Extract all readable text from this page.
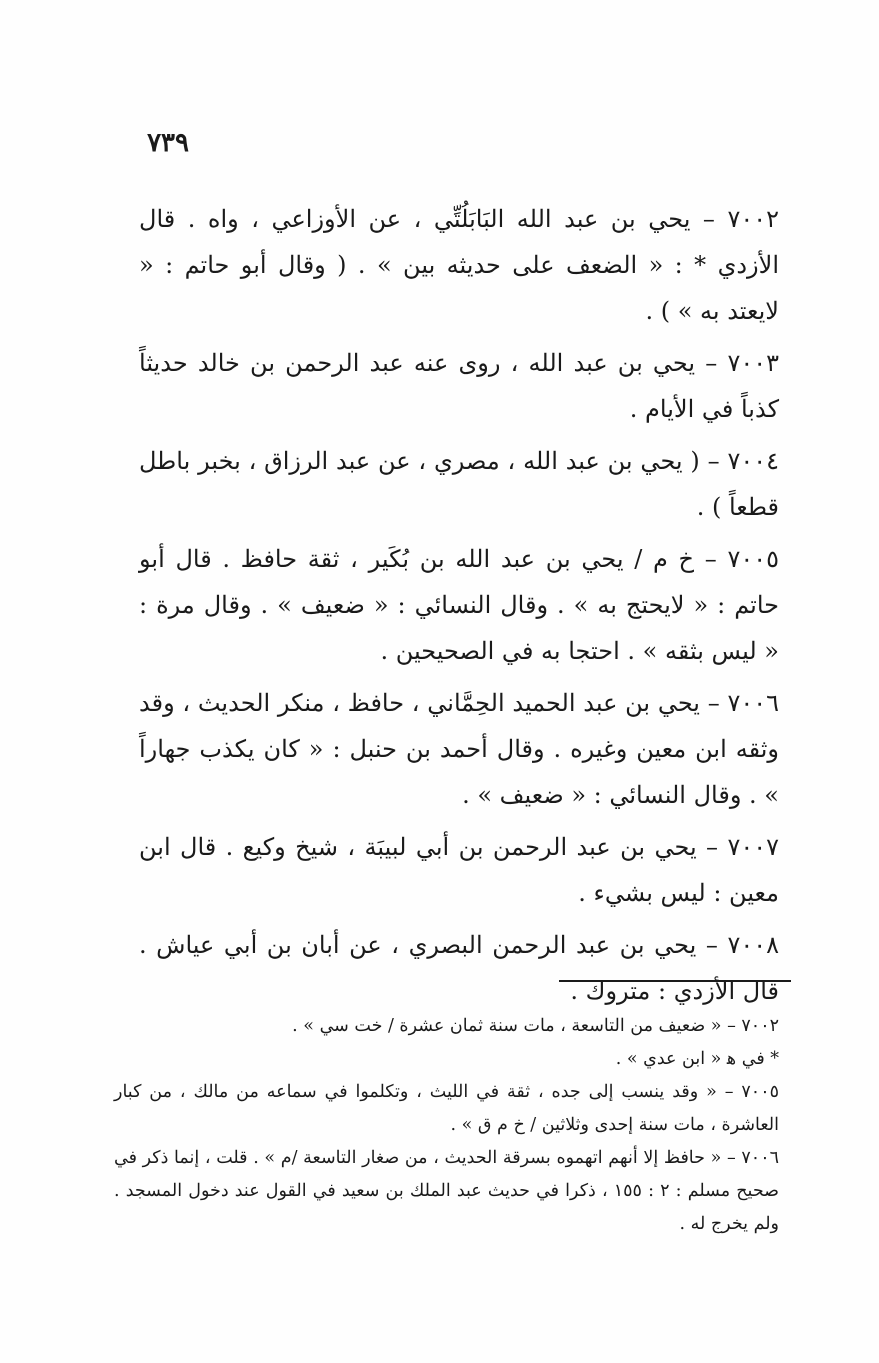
٧٣٩

٧٠٠٢ – يحي بن عبد الله البَابَلُتِّي ، عن الأوزاعي ، واه . قال الأزدي * : « الضعف على حديثه بين » . ( وقال أبو حاتم : « لايعتد به » ) .

٧٠٠٣ – يحي بن عبد الله ، روى عنه عبد الرحمن بن خالد حديثاً كذباً في الأيام .

٧٠٠٤ – ( يحي بن عبد الله ، مصري ، عن عبد الرزاق ، بخبر باطل قطعاً ) .

٧٠٠٥ – خ م / يحي بن عبد الله بن بُكَير ، ثقة حافظ . قال أبو حاتم : « لايحتج به » . وقال النسائي : « ضعيف » . وقال مرة : « ليس بثقه » . احتجا به في الصحيحين .

٧٠٠٦ – يحي بن عبد الحميد الحِمَّاني ، حافظ ، منكر الحديث ، وقد وثقه ابن معين وغيره . وقال أحمد بن حنبل : « كان يكذب جهاراً » . وقال النسائي : « ضعيف » .

٧٠٠٧ – يحي بن عبد الرحمن بن أبي لبيبَة ، شيخ وكيع . قال ابن معين : ليس بشيء .

٧٠٠٨ – يحي بن عبد الرحمن البصري ، عن أبان بن أبي عياش . قال الأزدي : متروك .

٧٠٠٢ – « ضعيف من التاسعة ، مات سنة ثمان عشرة / خت سي » .

* في ﻫ « ابن عدي » .

٧٠٠٥ – « وقد ينسب إلى جده ، ثقة في الليث ، وتكلموا في سماعه من مالك ، من كبار العاشرة ، مات سنة إحدى وثلاثين / خ م ق » .

٧٠٠٦ – « حافظ إلا أنهم اتهموه بسرقة الحديث ، من صغار التاسعة /م » . قلت ، إنما ذكر في صحيح مسلم : ٢ : ١٥٥ ، ذكرا في حديث عبد الملك بن سعيد في القول عند دخول المسجد . ولم يخرج له .
